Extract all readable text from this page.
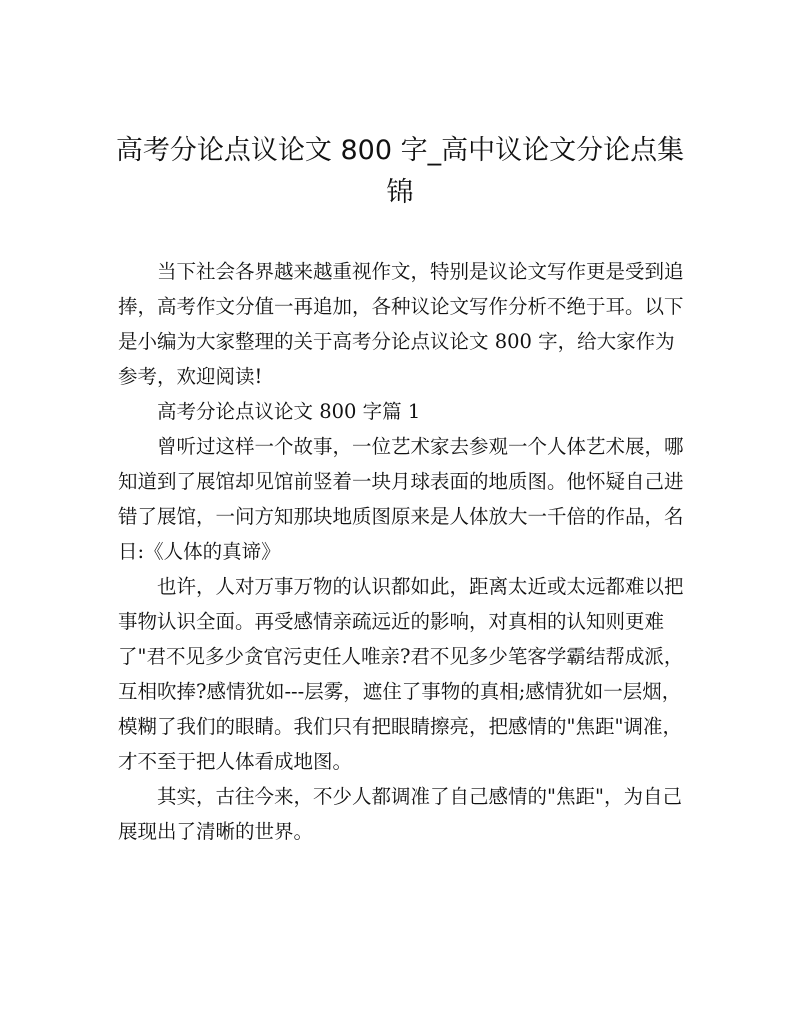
高考分论点议论文 800 字_高中议论文分论点集锦

当下社会各界越来越重视作文，特别是议论文写作更是受到追捧，高考作文分值一再追加，各种议论文写作分析不绝于耳。以下是小编为大家整理的关于高考分论点议论文 800 字，给大家作为参考，欢迎阅读!

高考分论点议论文 800 字篇 1

曾听过这样一个故事，一位艺术家去参观一个人体艺术展，哪知道到了展馆却见馆前竖着一块月球表面的地质图。他怀疑自己进错了展馆，一问方知那块地质图原来是人体放大一千倍的作品，名日:《人体的真谛》

也许，人对万事万物的认识都如此，距离太近或太远都难以把事物认识全面。再受感情亲疏远近的影响，对真相的认知则更难了"君不见多少贪官污吏任人唯亲?君不见多少笔客学霸结帮成派，互相吹捧?感情犹如---层雾，遮住了事物的真相;感情犹如一层烟，模糊了我们的眼睛。我们只有把眼睛擦亮，把感情的"焦距"调准，才不至于把人体看成地图。

其实，古往今来，不少人都调准了自己感情的"焦距"，为自己展现出了清晰的世界。
